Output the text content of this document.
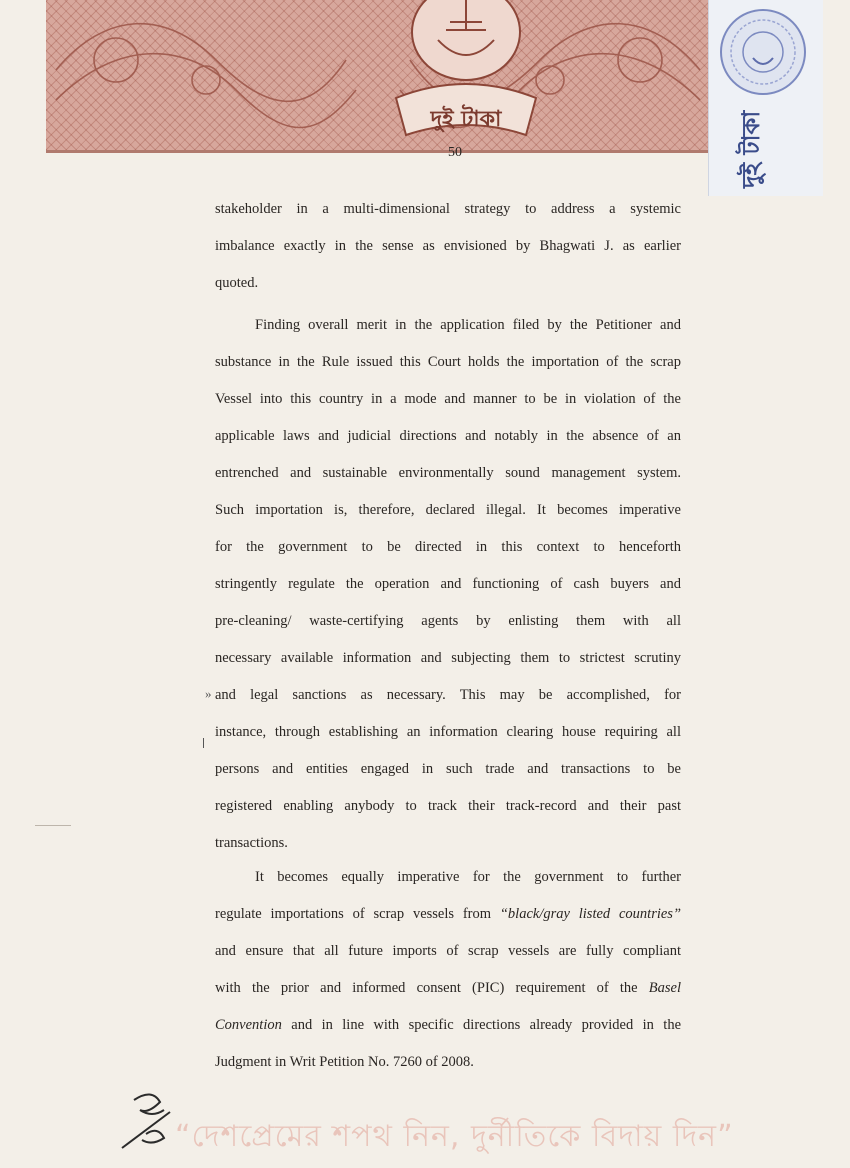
দুই টাকা	দুই টাকা
50
stakeholder in a multi-dimensional strategy to address a systemic
imbalance exactly in the sense as envisioned by Bhagwati J. as earlier
quoted.
Finding overall merit in the application filed by the Petitioner and
substance in the Rule issued this Court holds the importation of the scrap
Vessel into this country in a mode and manner to be in violation of the
applicable laws and judicial directions and notably in the absence of an
entrenched and sustainable environmentally sound management system.
Such importation is, therefore, declared illegal. It becomes imperative
for the government to be directed in this context to henceforth
stringently regulate the operation and functioning of cash buyers and
pre-cleaning/ waste-certifying agents by enlisting them with all
necessary available information and subjecting them to strictest scrutiny
and legal sanctions as necessary. This may be accomplished, for
instance, through establishing an information clearing house requiring all
persons and entities engaged in such trade and transactions to be
registered enabling anybody to track their track-record and their past
transactions.
It becomes equally imperative for the government to further
regulate importations of scrap vessels from “black/gray listed countries”
and ensure that all future imports of scrap vessels are fully compliant
with the prior and informed consent (PIC) requirement of the Basel
Convention and in line with specific directions already provided in the
Judgment in Writ Petition No. 7260 of 2008.
»
“দেশপ্রেমের শপথ নিন, দুর্নীতিকে বিদায় দিন”
